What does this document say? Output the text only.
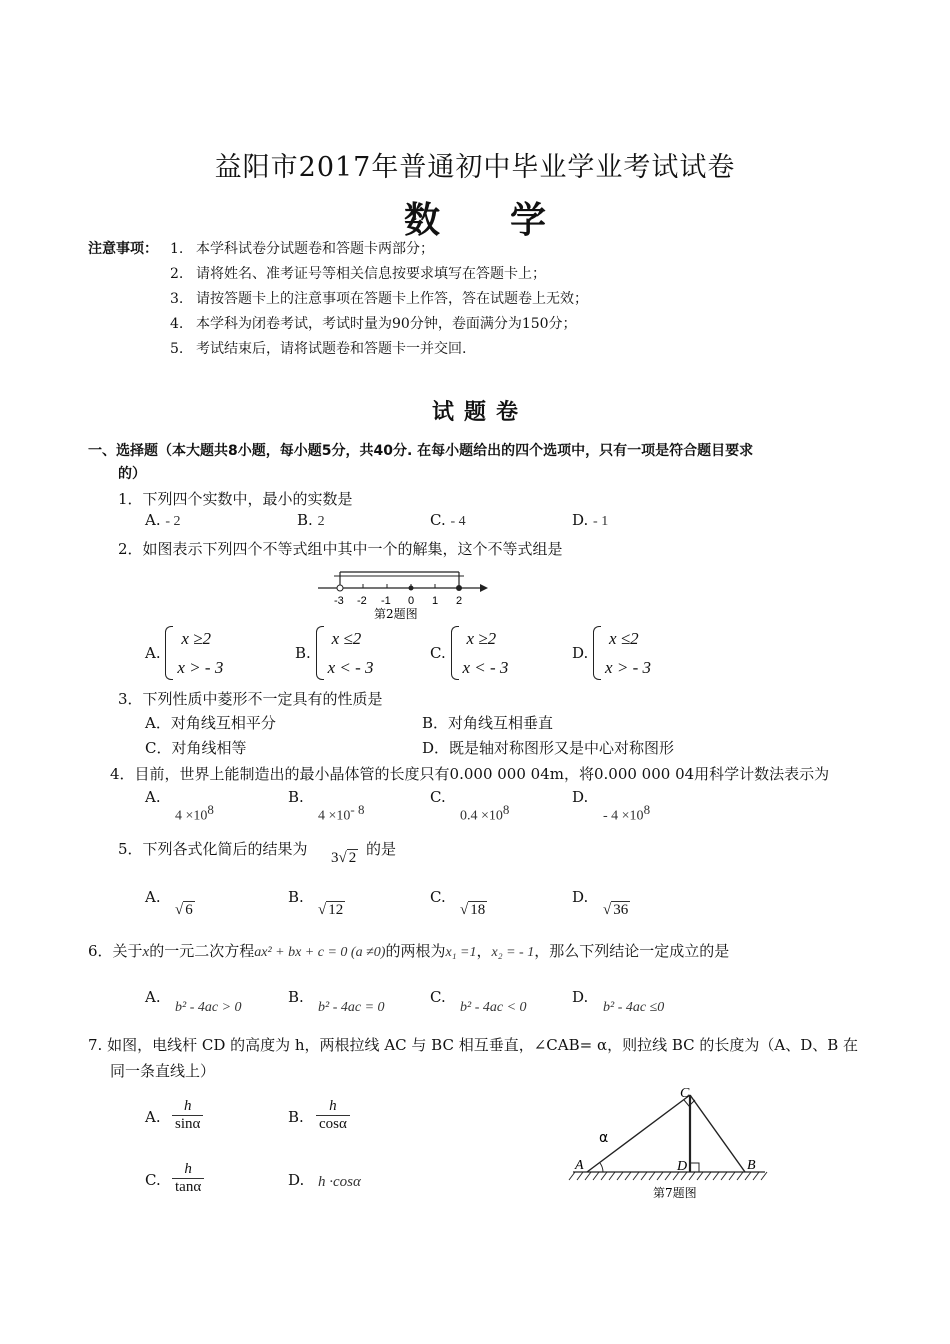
益阳市2017年普通初中毕业学业考试试卷
数学
注意事项： 1. 本学科试卷分试题卷和答题卡两部分；
2. 请将姓名、准考证号等相关信息按要求填写在答题卡上；
3. 请按答题卡上的注意事项在答题卡上作答，答在试题卷上无效；
4. 本学科为闭卷考试，考试时量为90分钟，卷面满分为150分；
5. 考试结束后，请将试题卷和答题卡一并交回.
试题卷
一、选择题（本大题共8小题，每小题5分，共40分. 在每小题给出的四个选项中，只有一项是符合题目要求
的）
1．下列四个实数中，最小的实数是
A. - 2	B. 2	C. - 4	D. - 1
2．如图表示下列四个不等式组中其中一个的解集，这个不等式组是
-3 -2 -1 0 1 2
第2题图
A.
x ≥2
x > - 3
B.
x ≤2
x < - 3
C.
x ≥2
x < - 3
D.
x ≤2
x > - 3
3．下列性质中菱形不一定具有的性质是
A．对角线互相平分	B．对角线互相垂直
C．对角线相等	D．既是轴对称图形又是中心对称图形
4．目前，世界上能制造出的最小晶体管的长度只有0.000 000 04m，将0.000 000 04用科学计数法表示为
A.
$4 \times 10^8$
B.
$4 \times 10^{- 8}$
C.
$0.4 \times 10^8$
D.
- $4 \times 10^8$
5．下列各式化简后的结果为 3√ 2 的是
A.
√ 6
B.
√ 12
C.
√ 18
D.
√ 36
6．关于x的一元二次方程ax² + bx + c = 0 (a ≠0)的两根为x₁ =1，x₂ = - 1，那么下列结论一定成立的是
A.
b² - 4ac > 0
B.
b² - 4ac = 0
C.
b² - 4ac < 0
D.
b² - 4ac ≤0
7. 如图，电线杆 CD 的高度为 h，两根拉线 AC 与 BC 相互垂直，∠CAB= α，则拉线 BC 的长度为（A、D、B 在
同一条直线上）
A. $\frac{h}{\sin\alpha}$	B. $\frac{h}{\cos\alpha}$
C. $\frac{h}{\tan\alpha}$	D. h ·cosα
C
α
A	D	B
第7题图
